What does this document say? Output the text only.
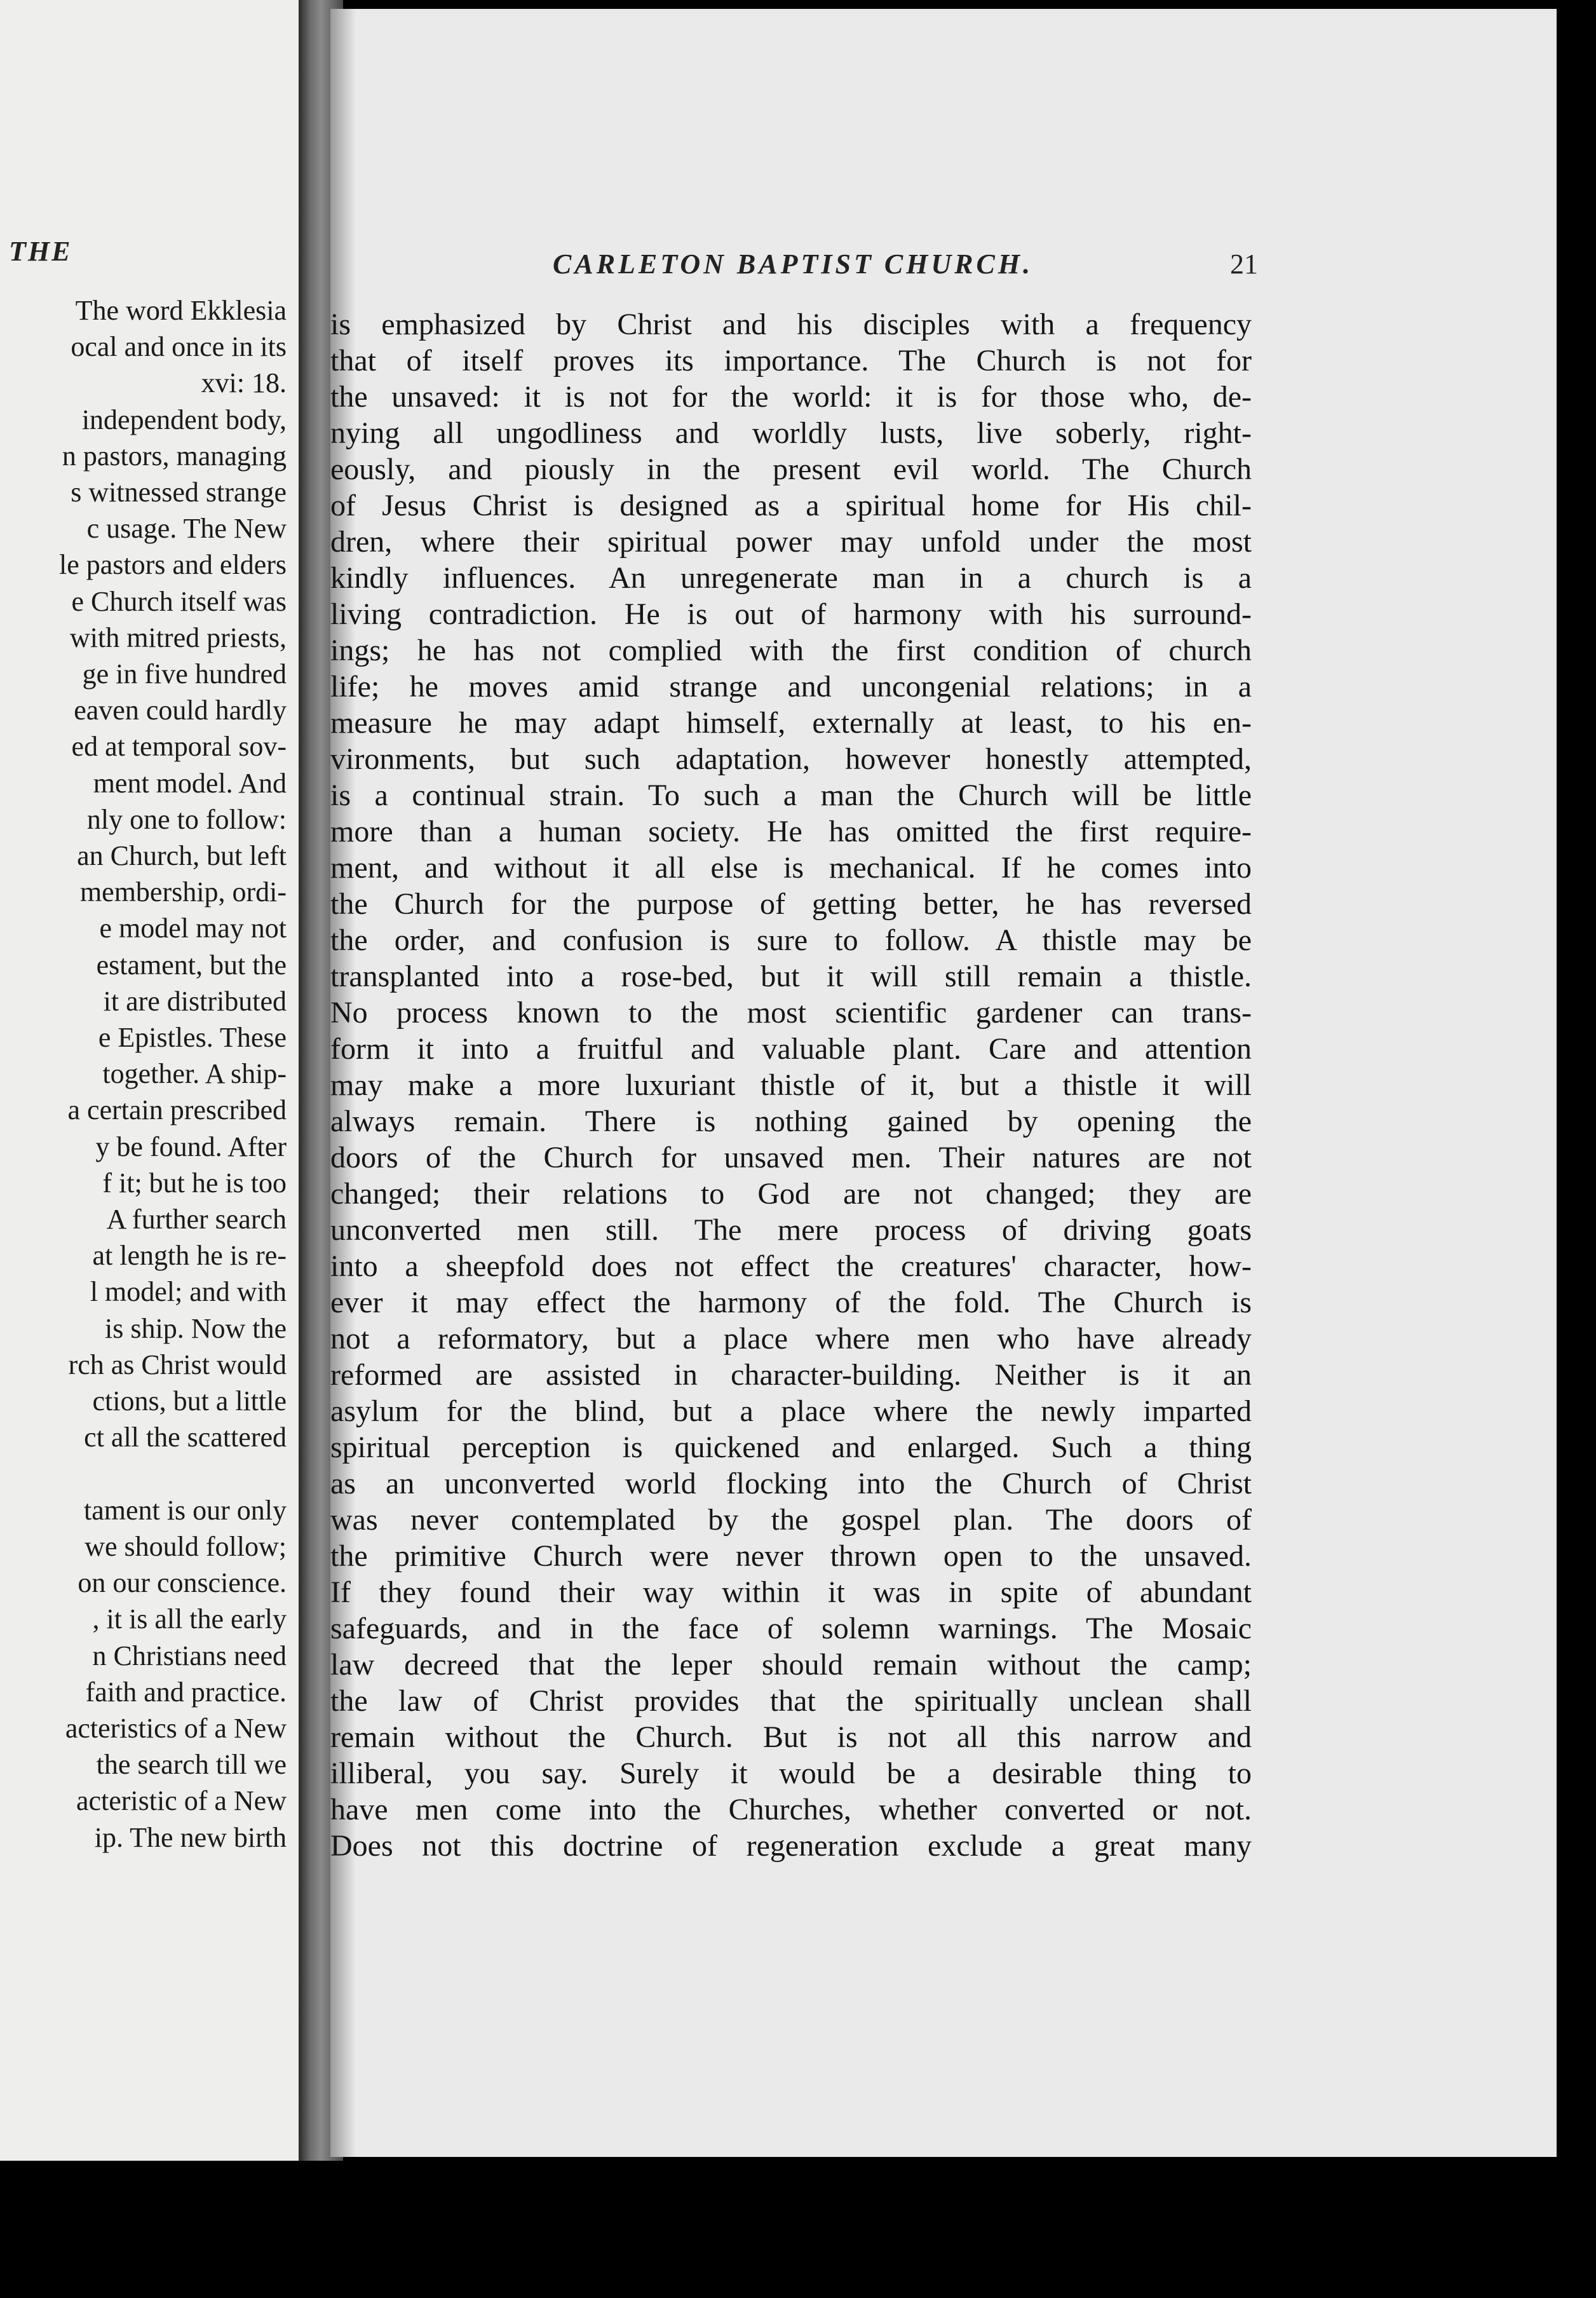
THE
The word Ekklesia
ocal and once in its
xvi: 18.
independent body,
n pastors, managing
s witnessed strange
c usage. The New
le pastors and elders
e Church itself was
with mitred priests,
ge in five hundred
eaven could hardly
ed at temporal sov-
ment model. And
nly one to follow:
an Church, but left
membership, ordi-
e model may not
estament, but the
it are distributed
e Epistles. These
together. A ship-
a certain prescribed
y be found. After
f it; but he is too
A further search
at length he is re-
l model; and with
is ship. Now the
rch as Christ would
ctions, but a little
ct all the scattered

tament is our only
we should follow;
on our conscience.
, it is all the early
n Christians need
faith and practice.
acteristics of a New
the search till we
acteristic of a New
ip. The new birth
CARLETON BAPTIST CHURCH.	21
is emphasized by Christ and his disciples with a frequency
that of itself proves its importance. The Church is not for
the unsaved: it is not for the world: it is for those who, de-
nying all ungodliness and worldly lusts, live soberly, right-
eously, and piously in the present evil world. The Church
of Jesus Christ is designed as a spiritual home for His chil-
dren, where their spiritual power may unfold under the most
kindly influences. An unregenerate man in a church is a
living contradiction. He is out of harmony with his surround-
ings; he has not complied with the first condition of church
life; he moves amid strange and uncongenial relations; in a
measure he may adapt himself, externally at least, to his en-
vironments, but such adaptation, however honestly attempted,
is a continual strain. To such a man the Church will be little
more than a human society. He has omitted the first require-
ment, and without it all else is mechanical. If he comes into
the Church for the purpose of getting better, he has reversed
the order, and confusion is sure to follow. A thistle may be
transplanted into a rose-bed, but it will still remain a thistle.
No process known to the most scientific gardener can trans-
form it into a fruitful and valuable plant. Care and attention
may make a more luxuriant thistle of it, but a thistle it will
always remain. There is nothing gained by opening the
doors of the Church for unsaved men. Their natures are not
changed; their relations to God are not changed; they are
unconverted men still. The mere process of driving goats
into a sheepfold does not effect the creatures' character, how-
ever it may effect the harmony of the fold. The Church is
not a reformatory, but a place where men who have already
reformed are assisted in character-building. Neither is it an
asylum for the blind, but a place where the newly imparted
spiritual perception is quickened and enlarged. Such a thing
as an unconverted world flocking into the Church of Christ
was never contemplated by the gospel plan. The doors of
the primitive Church were never thrown open to the unsaved.
If they found their way within it was in spite of abundant
safeguards, and in the face of solemn warnings. The Mosaic
law decreed that the leper should remain without the camp;
the law of Christ provides that the spiritually unclean shall
remain without the Church. But is not all this narrow and
illiberal, you say. Surely it would be a desirable thing to
have men come into the Churches, whether converted or not.
Does not this doctrine of regeneration exclude a great many
